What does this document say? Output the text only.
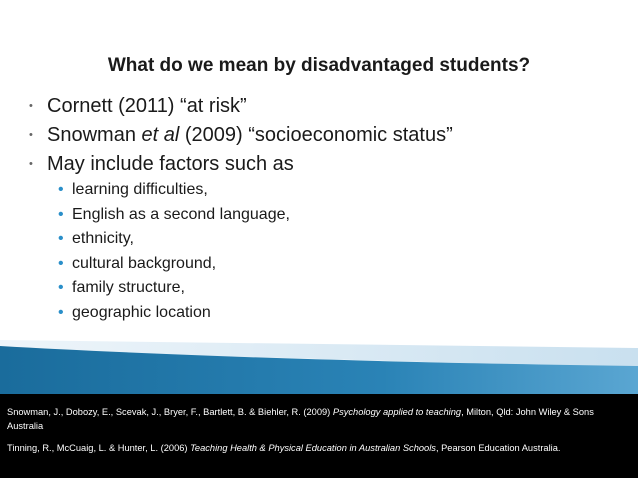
What do we mean by disadvantaged students?
• Cornett (2011) “at risk”
• Snowman et al (2009) “socioeconomic status”
• May include factors such as
• learning difficulties,
• English as a second language,
• ethnicity,
• cultural background,
• family structure,
• geographic location
Snowman, J., Dobozy, E., Scevak, J., Bryer, F., Bartlett, B. & Biehler, R. (2009) Psychology applied to teaching, Milton, Qld: John Wiley & Sons Australia
Tinning, R., McCuaig, L. & Hunter, L. (2006) Teaching Health & Physical Education in Australian Schools, Pearson Education Australia.
